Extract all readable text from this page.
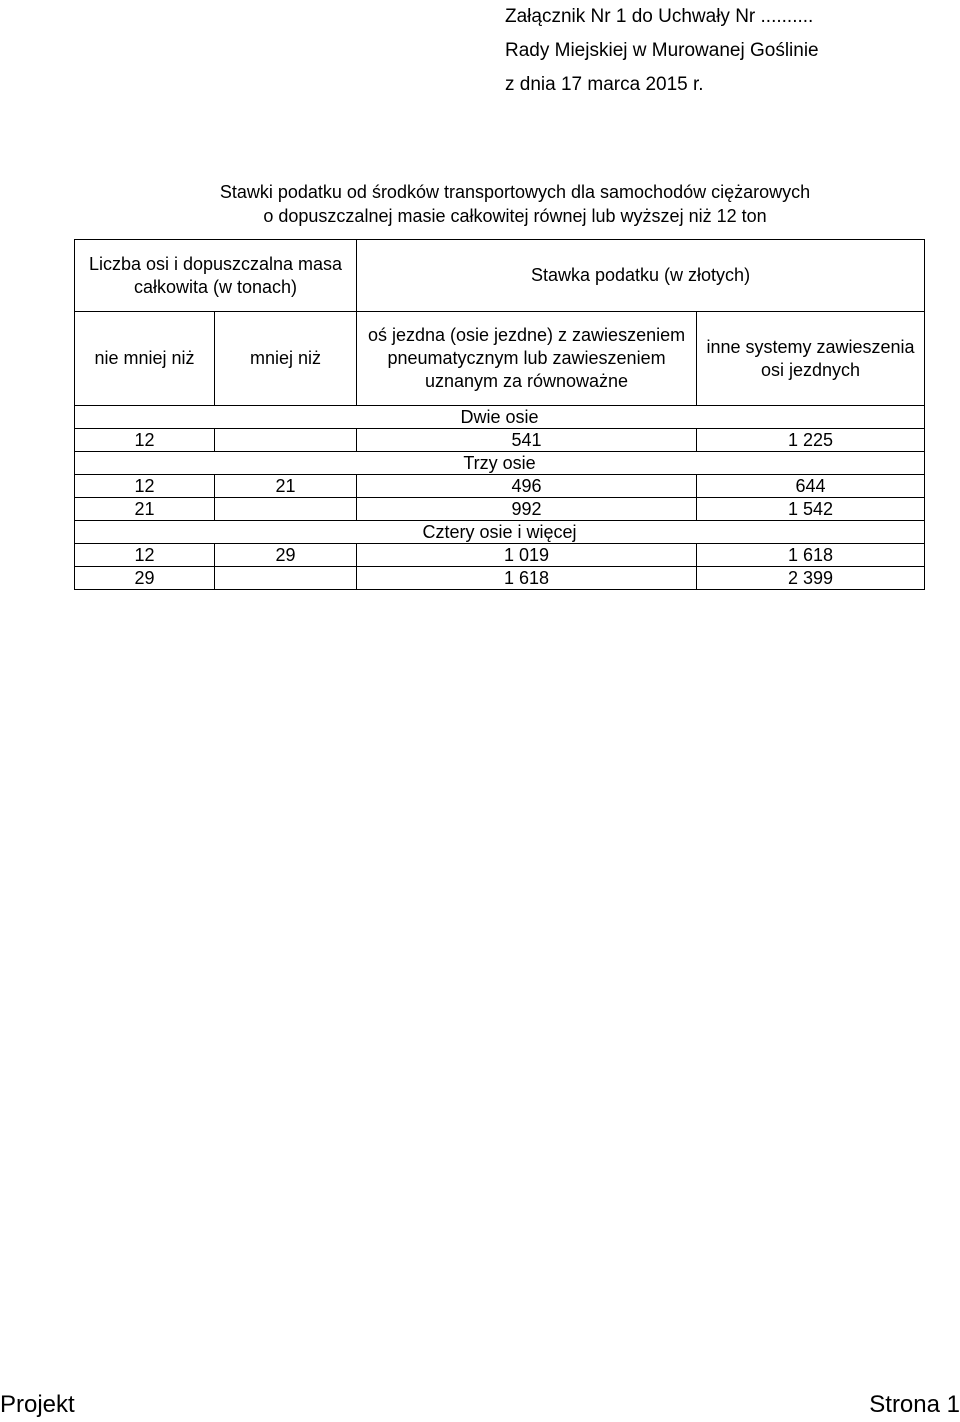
Załącznik Nr 1 do Uchwały Nr ..........
Rady Miejskiej w Murowanej Goślinie
z dnia 17 marca 2015 r.
Stawki podatku od środków transportowych dla samochodów ciężarowych
o dopuszczalnej masie całkowitej równej lub wyższej niż 12 ton
Liczba osi i dopuszczalna masa całkowita (w tonach)		Stawka podatku (w złotych)	
nie mniej niż	mniej niż	oś jezdna (osie jezdne) z zawieszeniem pneumatycznym lub zawieszeniem uznanym za równoważne	inne systemy zawieszenia osi jezdnych
Dwie osie			
12		541	1 225
Trzy osie			
12	21	496	644
21		992	1 542
Cztery osie i więcej			
12	29	1 019	1 618
29		1 618	2 399
Projekt	Strona 1
